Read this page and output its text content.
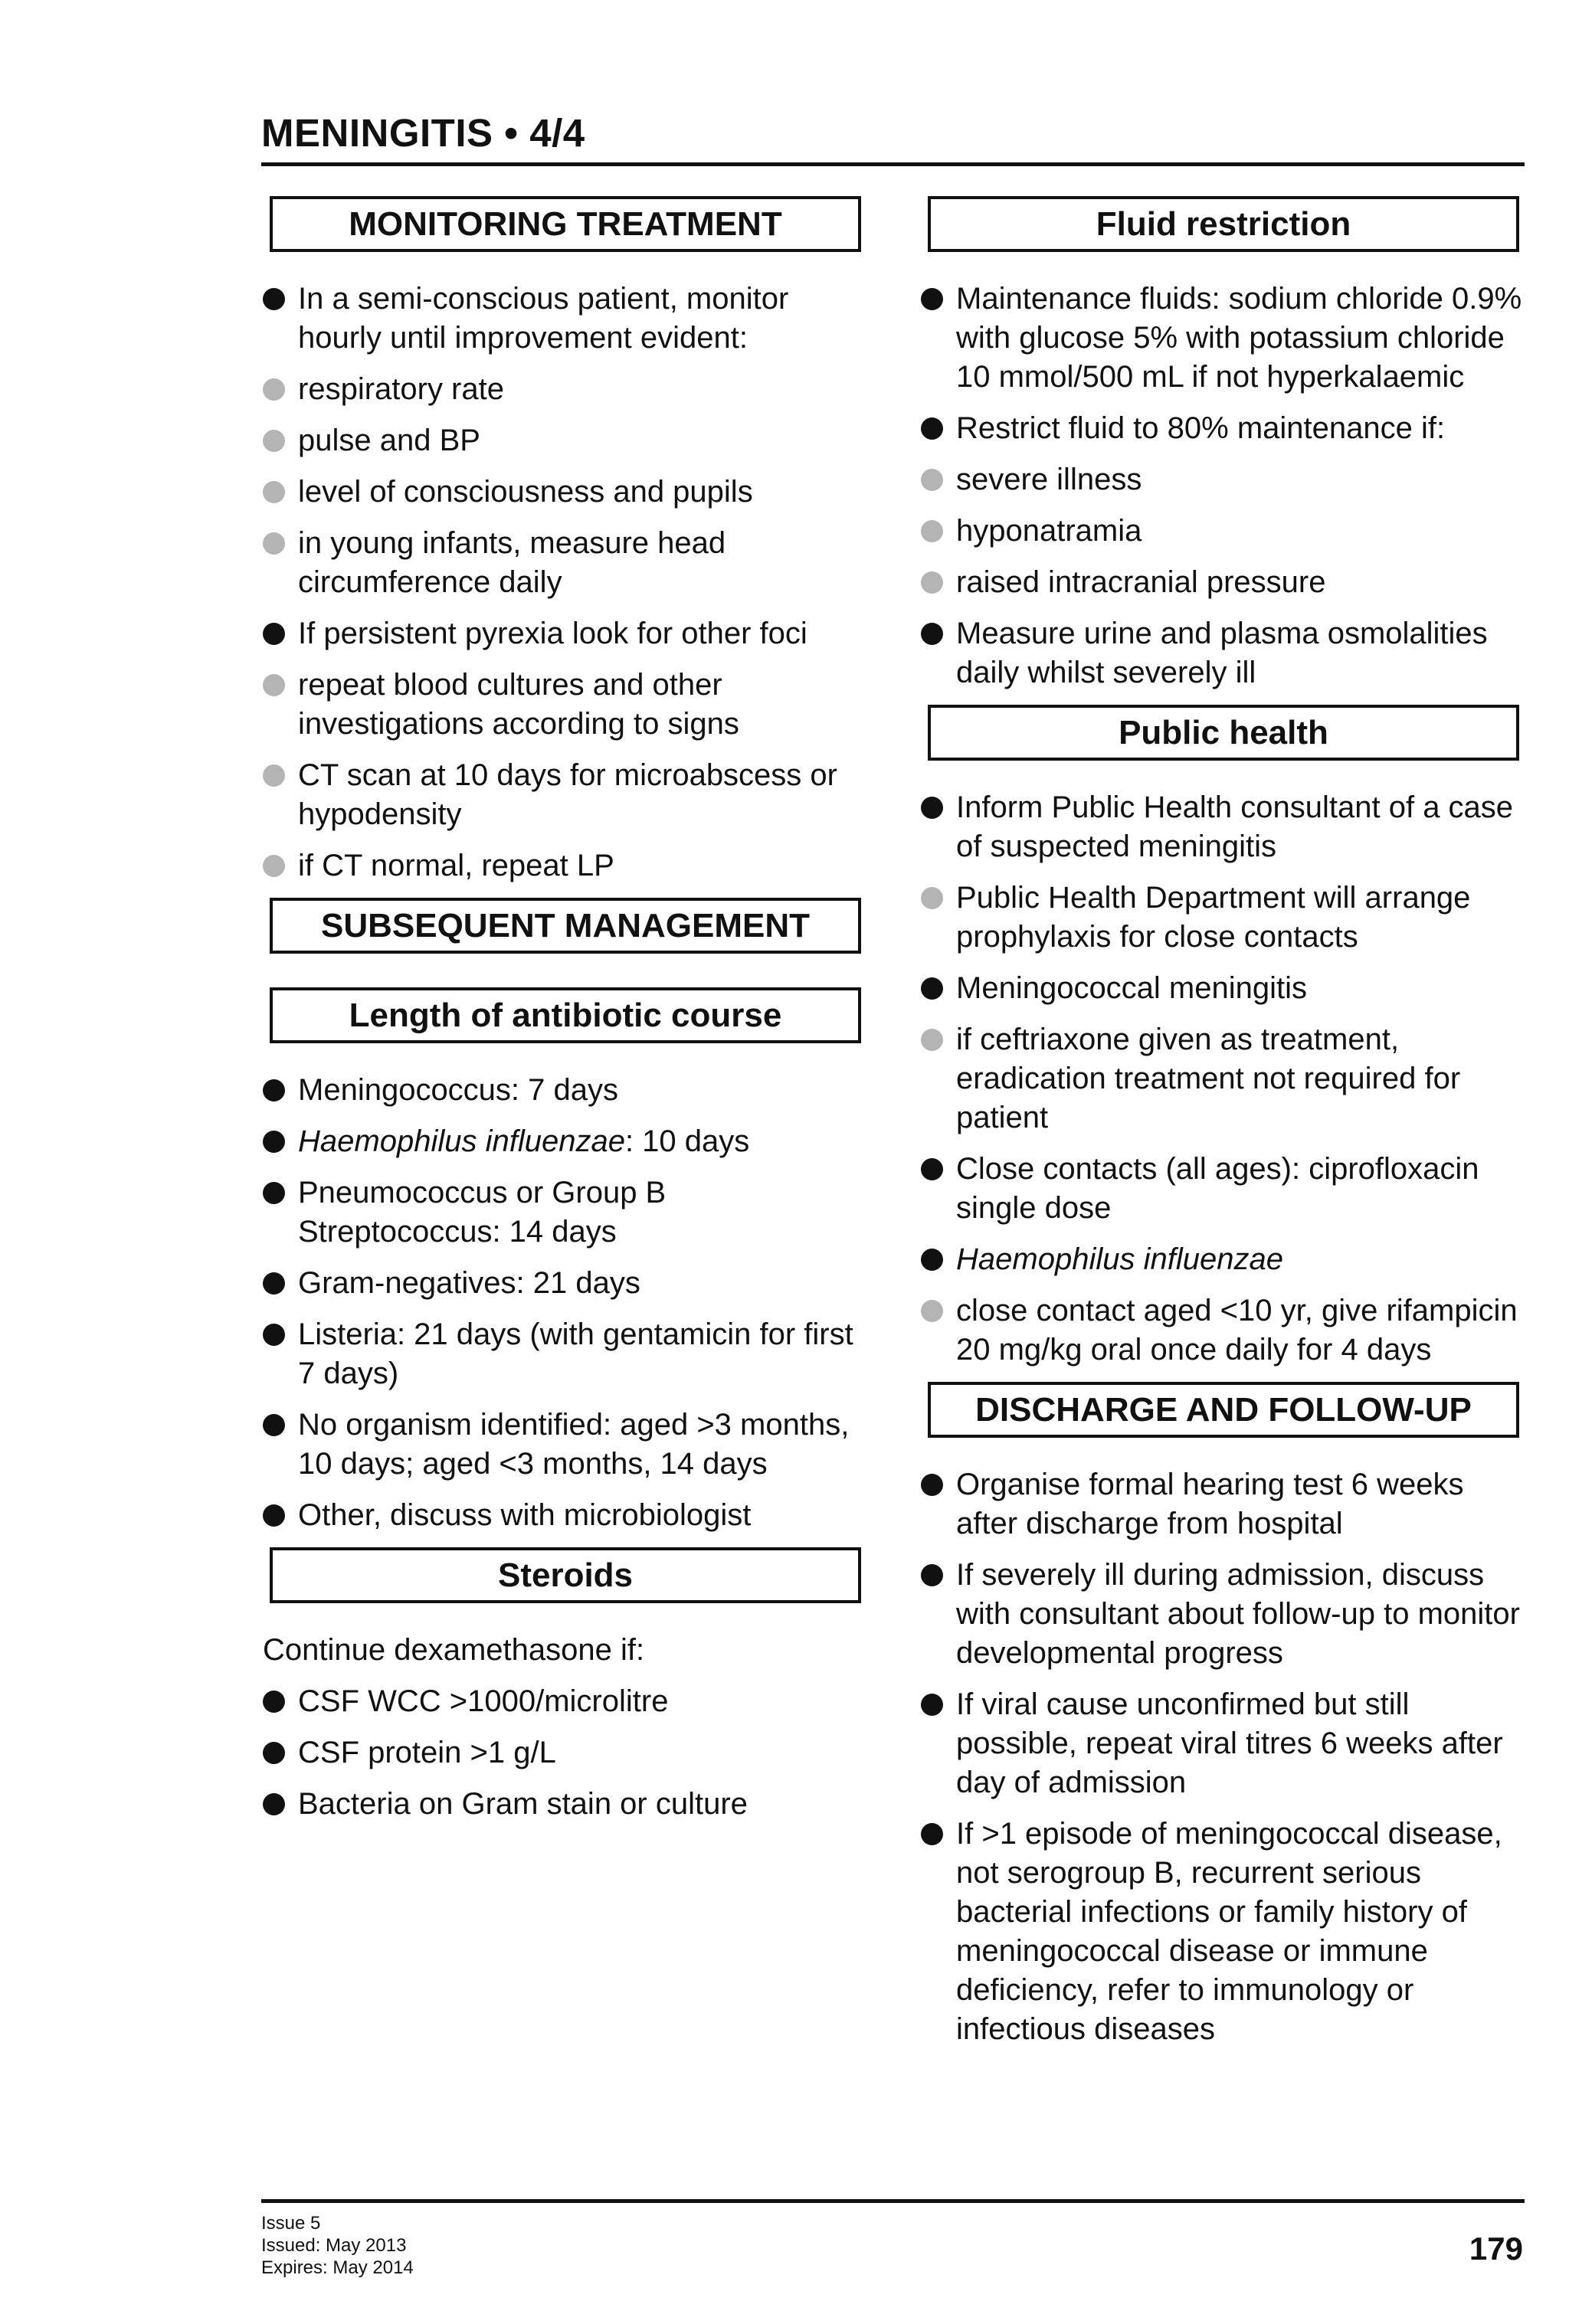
MENINGITIS • 4/4
MONITORING TREATMENT
In a semi-conscious patient, monitor hourly until improvement evident:
respiratory rate
pulse and BP
level of consciousness and pupils
in young infants, measure head circumference daily
If persistent pyrexia look for other foci
repeat blood cultures and other investigations according to signs
CT scan at 10 days for microabscess or hypodensity
if CT normal, repeat LP
SUBSEQUENT MANAGEMENT
Length of antibiotic course
Meningococcus: 7 days
Haemophilus influenzae: 10 days
Pneumococcus or Group B Streptococcus: 14 days
Gram-negatives: 21 days
Listeria: 21 days (with gentamicin for first 7 days)
No organism identified: aged >3 months, 10 days; aged <3 months, 14 days
Other, discuss with microbiologist
Steroids
Continue dexamethasone if:
CSF WCC >1000/microlitre
CSF protein >1 g/L
Bacteria on Gram stain or culture
Fluid restriction
Maintenance fluids: sodium chloride 0.9% with glucose 5% with potassium chloride 10 mmol/500 mL if not hyperkalaemic
Restrict fluid to 80% maintenance if:
severe illness
hyponatramia
raised intracranial pressure
Measure urine and plasma osmolalities daily whilst severely ill
Public health
Inform Public Health consultant of a case of suspected meningitis
Public Health Department will arrange prophylaxis for close contacts
Meningococcal meningitis
if ceftriaxone given as treatment, eradication treatment not required for patient
Close contacts (all ages): ciprofloxacin single dose
Haemophilus influenzae
close contact aged <10 yr, give rifampicin 20 mg/kg oral once daily for 4 days
DISCHARGE AND FOLLOW-UP
Organise formal hearing test 6 weeks after discharge from hospital
If severely ill during admission, discuss with consultant about follow-up to monitor developmental progress
If viral cause unconfirmed but still possible, repeat viral titres 6 weeks after day of admission
If >1 episode of meningococcal disease, not serogroup B, recurrent serious bacterial infections or family history of meningococcal disease or immune deficiency, refer to immunology or infectious diseases
Issue 5
Issued: May 2013
Expires: May 2014
179
